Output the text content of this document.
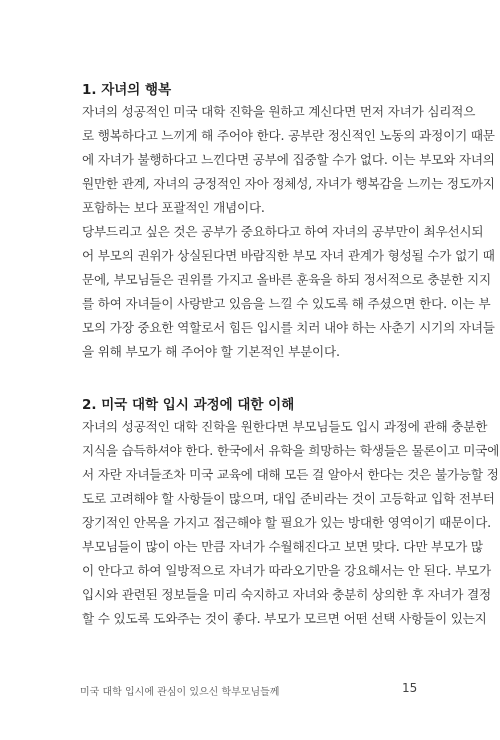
1. 자녀의 행복
자녀의 성공적인 미국 대학 진학을 원하고 계신다면 먼저 자녀가 심리적으
로 행복하다고 느끼게 해 주어야 한다. 공부란 정신적인 노동의 과정이기 때문
에 자녀가 불행하다고 느낀다면 공부에 집중할 수가 없다. 이는 부모와 자녀의
원만한 관계, 자녀의 긍정적인 자아 정체성, 자녀가 행복감을 느끼는 정도까지
포함하는 보다 포괄적인 개념이다.
당부드리고 싶은 것은 공부가 중요하다고 하여 자녀의 공부만이 최우선시되
어 부모의 권위가 상실된다면 바람직한 부모 자녀 관계가 형성될 수가 없기 때
문에, 부모님들은 권위를 가지고 올바른 훈육을 하되 정서적으로 충분한 지지
를 하여 자녀들이 사랑받고 있음을 느낄 수 있도록 해 주셨으면 한다. 이는 부
모의 가장 중요한 역할로서 힘든 입시를 치러 내야 하는 사춘기 시기의 자녀들
을 위해 부모가 해 주어야 할 기본적인 부분이다.
2. 미국 대학 입시 과정에 대한 이해
자녀의 성공적인 대학 진학을 원한다면 부모님들도 입시 과정에 관해 충분한
지식을 습득하셔야 한다. 한국에서 유학을 희망하는 학생들은 물론이고 미국에
서 자란 자녀들조차 미국 교육에 대해 모든 걸 알아서 한다는 것은 불가능할 정
도로 고려해야 할 사항들이 많으며, 대입 준비라는 것이 고등학교 입학 전부터
장기적인 안목을 가지고 접근해야 할 필요가 있는 방대한 영역이기 때문이다.
부모님들이 많이 아는 만큼 자녀가 수월해진다고 보면 맞다. 다만 부모가 많
이 안다고 하여 일방적으로 자녀가 따라오기만을 강요해서는 안 된다. 부모가
입시와 관련된 정보들을 미리 숙지하고 자녀와 충분히 상의한 후 자녀가 결정
할 수 있도록 도와주는 것이 좋다. 부모가 모르면 어떤 선택 사항들이 있는지
미국 대학 입시에 관심이 있으신 학부모님들께	15
